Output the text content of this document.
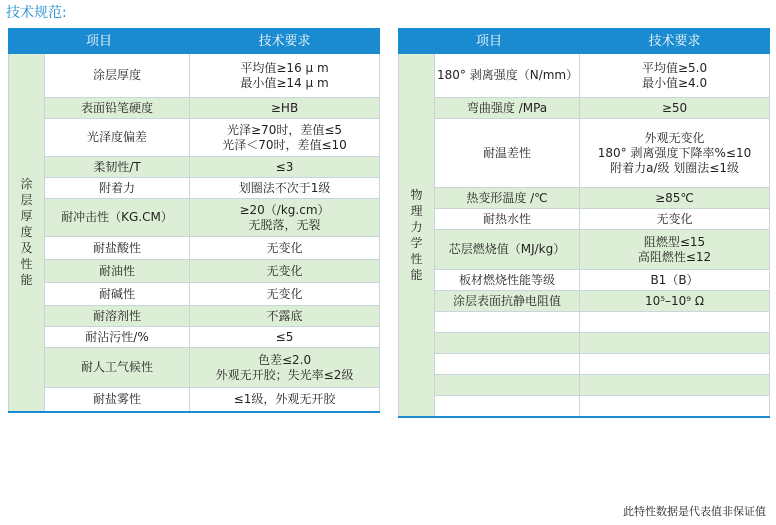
技术规范:
项目		技术要求
涂层厚度及性能	涂层厚度	平均值≥16 μ m
最小值≥14 μ m

	表面铅笔硬度	≥HB

	光泽度偏差	光泽≥70时，差值≤5
光泽＜70时，差值≤10

	柔韧性/T	≤3

	附着力	划圈法不次于1级

	耐冲击性（KG.CM）	≥20（/kg.cm）
无脱落，无裂

	耐盐酸性	无变化

	耐油性	无变化

	耐碱性	无变化

	耐溶剂性	不露底

	耐沾污性/%	≤5

	耐人工气候性	色差≤2.0
外观无开胶；失光率≤2级

	耐盐雾性	≤1级，外观无开胶
项目		技术要求
物理力学性能	180° 剥离强度（N/mm）	平均值≥5.0
最小值≥4.0

	弯曲强度 /MPa	≥50

	耐温差性	外观无变化
180° 剥离强度下降率%≤10
附着力a/级 划圈法≤1级

	热变形温度 /℃	≥85℃

	耐热水性	无变化

	芯层燃烧值（MJ/kg）	阻燃型≤15
高阻燃性≤12

	板材燃烧性能等级	B1（B）

	涂层表面抗静电阻值	10⁵–10⁹ Ω

此特性数据是代表值非保证值
